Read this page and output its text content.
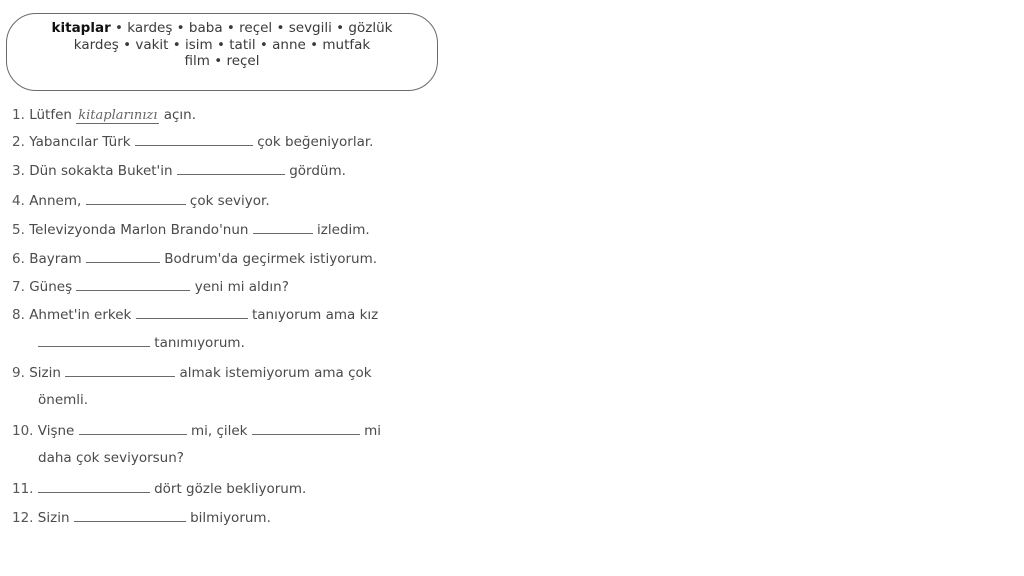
kitaplar • kardeş • baba • reçel • sevgili • gözlük
kardeş • vakit • isim • tatil • anne • mutfak
film • reçel
1. Lütfen kitaplarınızı açın.
2. Yabancılar Türk	çok beğeniyorlar.
3. Dün sokakta Buket'in	gördüm.
4. Annem,	çok seviyor.
5. Televizyonda Marlon Brando'nun	izledim.
6. Bayram	Bodrum'da geçirmek istiyorum.
7. Güneş	yeni mi aldın?
8. Ahmet'in erkek	tanıyorum ama kız
tanımıyorum.
9. Sizin	almak istemiyorum ama çok
önemli.
10. Vişne	mi, çilek	mi
daha çok seviyorsun?
11.	dört gözle bekliyorum.
12. Sizin	bilmiyorum.
